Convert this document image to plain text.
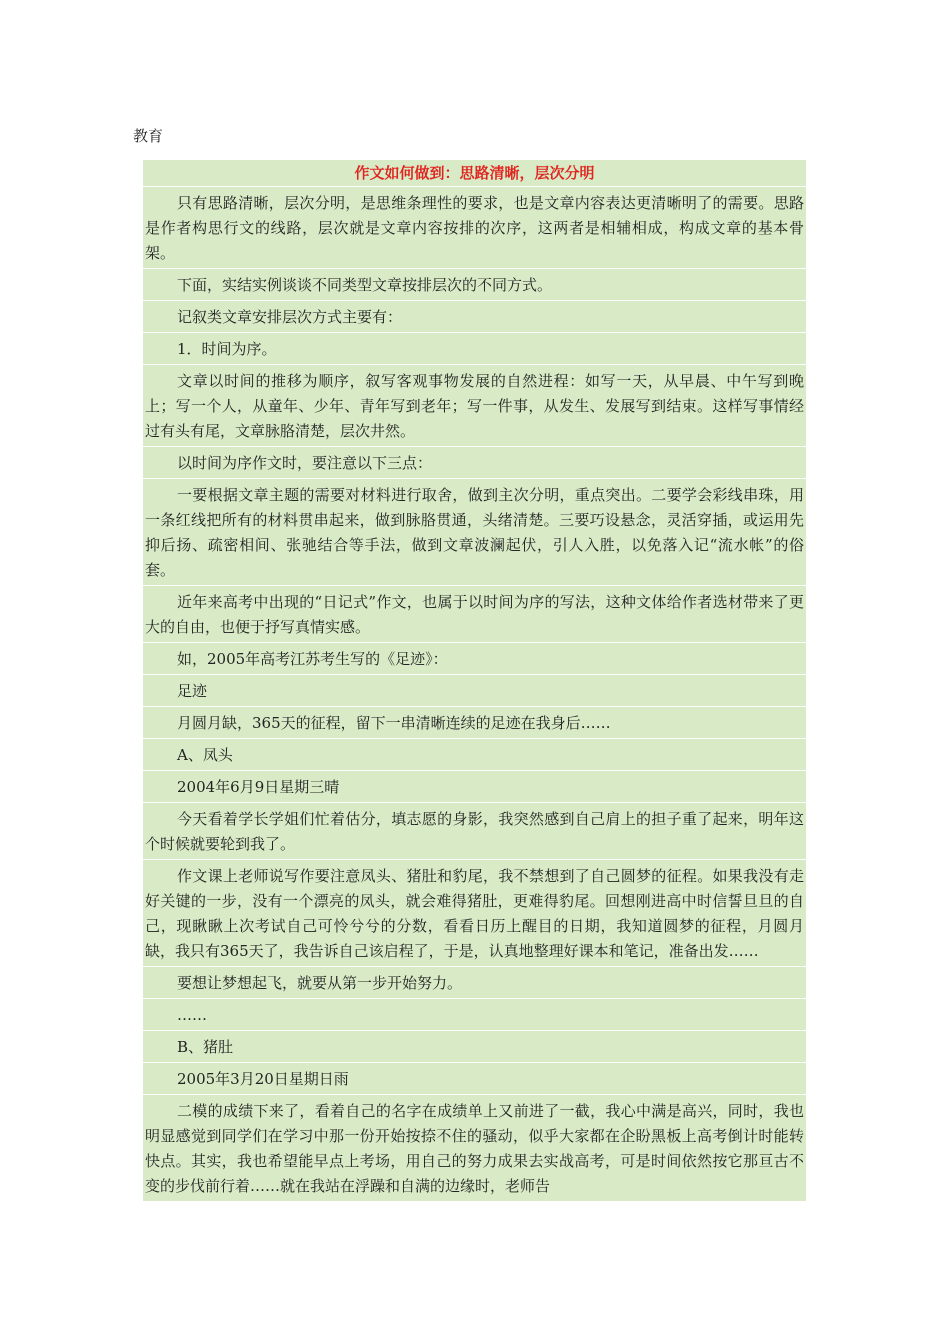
教育
作文如何做到：思路清晰，层次分明
只有思路清晰，层次分明，是思维条理性的要求，也是文章内容表达更清晰明了的需要。思路是作者构思行文的线路，层次就是文章内容按排的次序，这两者是相辅相成，构成文章的基本骨架。
下面，实结实例谈谈不同类型文章按排层次的不同方式。
记叙类文章安排层次方式主要有：
1．时间为序。
文章以时间的推移为顺序，叙写客观事物发展的自然进程：如写一天，从早晨、中午写到晚上；写一个人，从童年、少年、青年写到老年；写一件事，从发生、发展写到结束。这样写事情经过有头有尾，文章脉胳清楚，层次井然。
以时间为序作文时，要注意以下三点：
一要根据文章主题的需要对材料进行取舍，做到主次分明，重点突出。二要学会彩线串珠，用一条红线把所有的材料贯串起来，做到脉胳贯通，头绪清楚。三要巧设悬念，灵活穿插，或运用先抑后扬、疏密相间、张驰结合等手法，做到文章波澜起伏，引人入胜，以免落入记“流水帐”的俗套。
近年来高考中出现的“日记式”作文，也属于以时间为序的写法，这种文体给作者选材带来了更大的自由，也便于抒写真情实感。
如，2005年高考江苏考生写的《足迹》：
足迹
月圆月缺，365天的征程，留下一串清晰连续的足迹在我身后……
A、凤头
2004年6月9日星期三晴
今天看着学长学姐们忙着估分，填志愿的身影，我突然感到自己肩上的担子重了起来，明年这个时候就要轮到我了。
作文课上老师说写作要注意凤头、猪肚和豹尾，我不禁想到了自己圆梦的征程。如果我没有走好关键的一步，没有一个漂亮的凤头，就会难得猪肚，更难得豹尾。回想刚进高中时信誓旦旦的自己，现瞅瞅上次考试自己可怜兮兮的分数，看看日历上醒目的日期，我知道圆梦的征程，月圆月缺，我只有365天了，我告诉自己该启程了，于是，认真地整理好课本和笔记，准备出发……
要想让梦想起飞，就要从第一步开始努力。
……
B、猪肚
2005年3月20日星期日雨
二模的成绩下来了，看着自己的名字在成绩单上又前进了一截，我心中满是高兴，同时，我也明显感觉到同学们在学习中那一份开始按捺不住的骚动，似乎大家都在企盼黑板上高考倒计时能转快点。其实，我也希望能早点上考场，用自己的努力成果去实战高考，可是时间依然按它那亘古不变的步伐前行着……就在我站在浮躁和自满的边缘时，老师告
